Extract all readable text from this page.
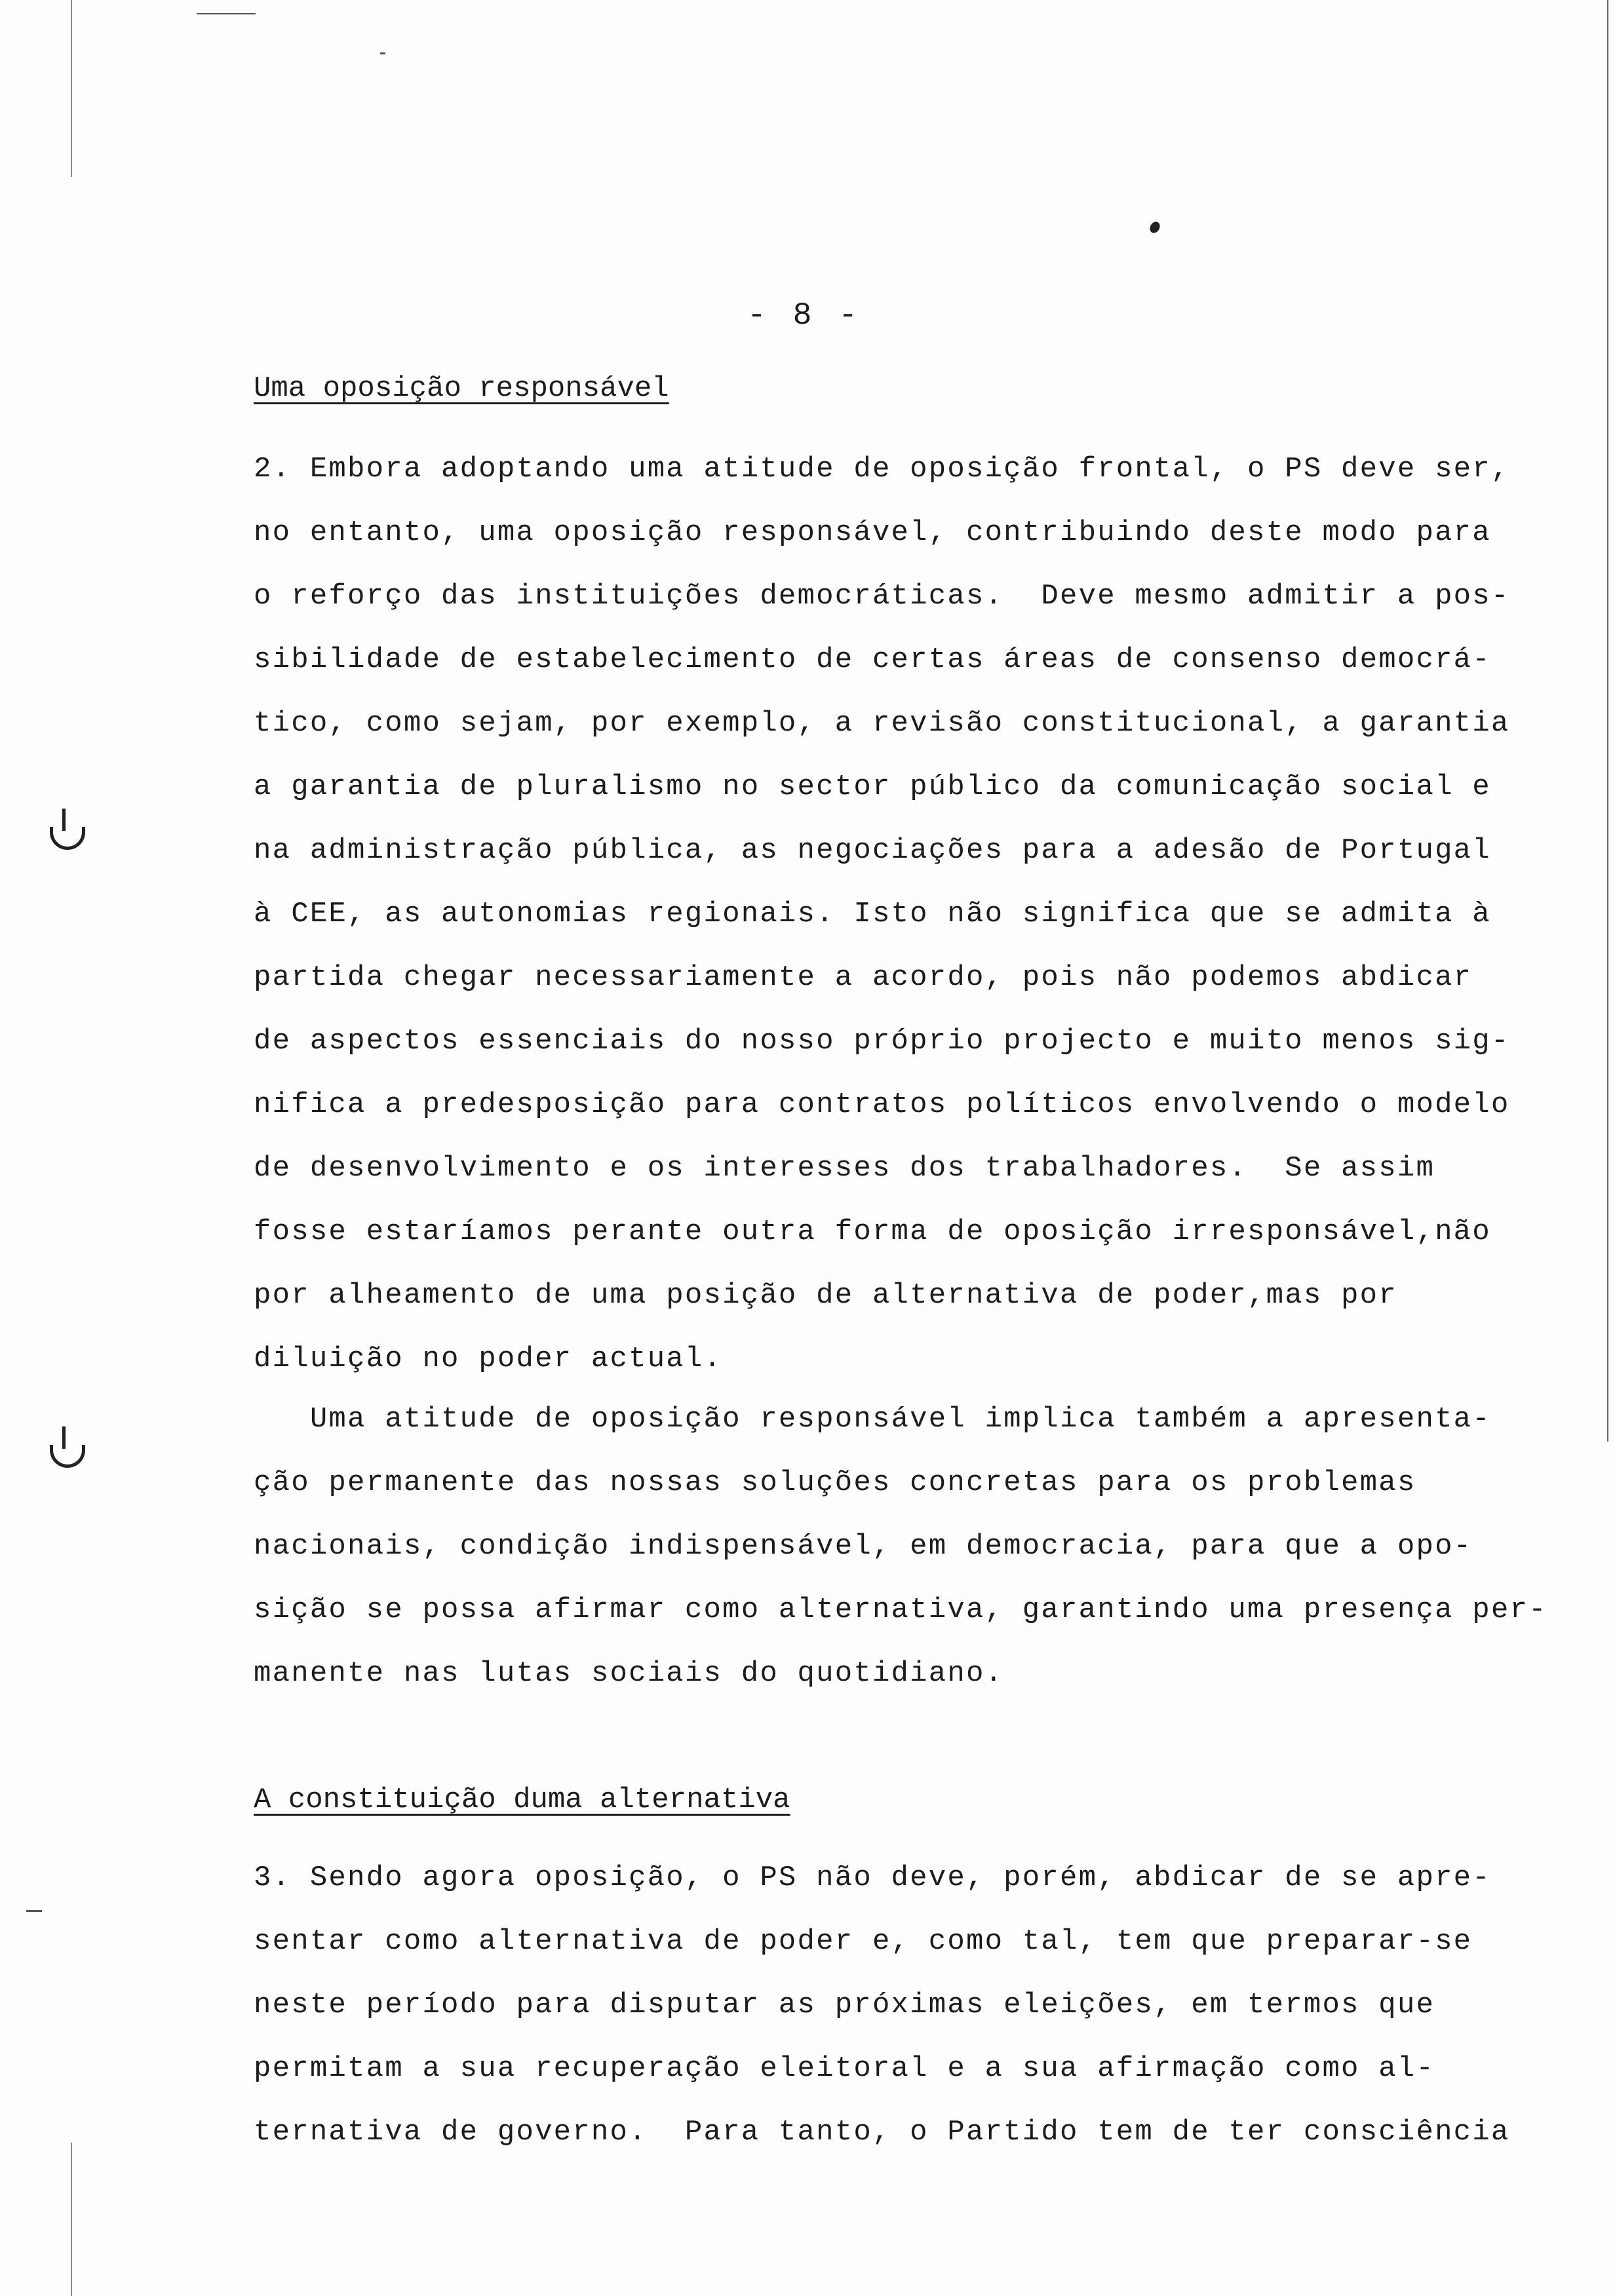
- 8 -
Uma oposição responsável
2. Embora adoptando uma atitude de oposição frontal, o PS deve ser,
no entanto, uma oposição responsável, contribuindo deste modo para
o reforço das instituições democráticas.  Deve mesmo admitir a pos-
sibilidade de estabelecimento de certas áreas de consenso democrá-
tico, como sejam, por exemplo, a revisão constitucional, a garantia
a garantia de pluralismo no sector público da comunicação social e
na administração pública, as negociações para a adesão de Portugal
à CEE, as autonomias regionais. Isto não significa que se admita à
partida chegar necessariamente a acordo, pois não podemos abdicar
de aspectos essenciais do nosso próprio projecto e muito menos sig-
nifica a predesposição para contratos políticos envolvendo o modelo
de desenvolvimento e os interesses dos trabalhadores.  Se assim
fosse estaríamos perante outra forma de oposição irresponsável,não
por alheamento de uma posição de alternativa de poder,mas por
diluição no poder actual.
Uma atitude de oposição responsável implica também a apresenta-
ção permanente das nossas soluções concretas para os problemas
nacionais, condição indispensável, em democracia, para que a opo-
sição se possa afirmar como alternativa, garantindo uma presença per-
manente nas lutas sociais do quotidiano.
A constituição duma alternativa
3. Sendo agora oposição, o PS não deve, porém, abdicar de se apre-
sentar como alternativa de poder e, como tal, tem que preparar-se
neste período para disputar as próximas eleições, em termos que
permitam a sua recuperação eleitoral e a sua afirmação como al-
ternativa de governo.  Para tanto, o Partido tem de ter consciência
